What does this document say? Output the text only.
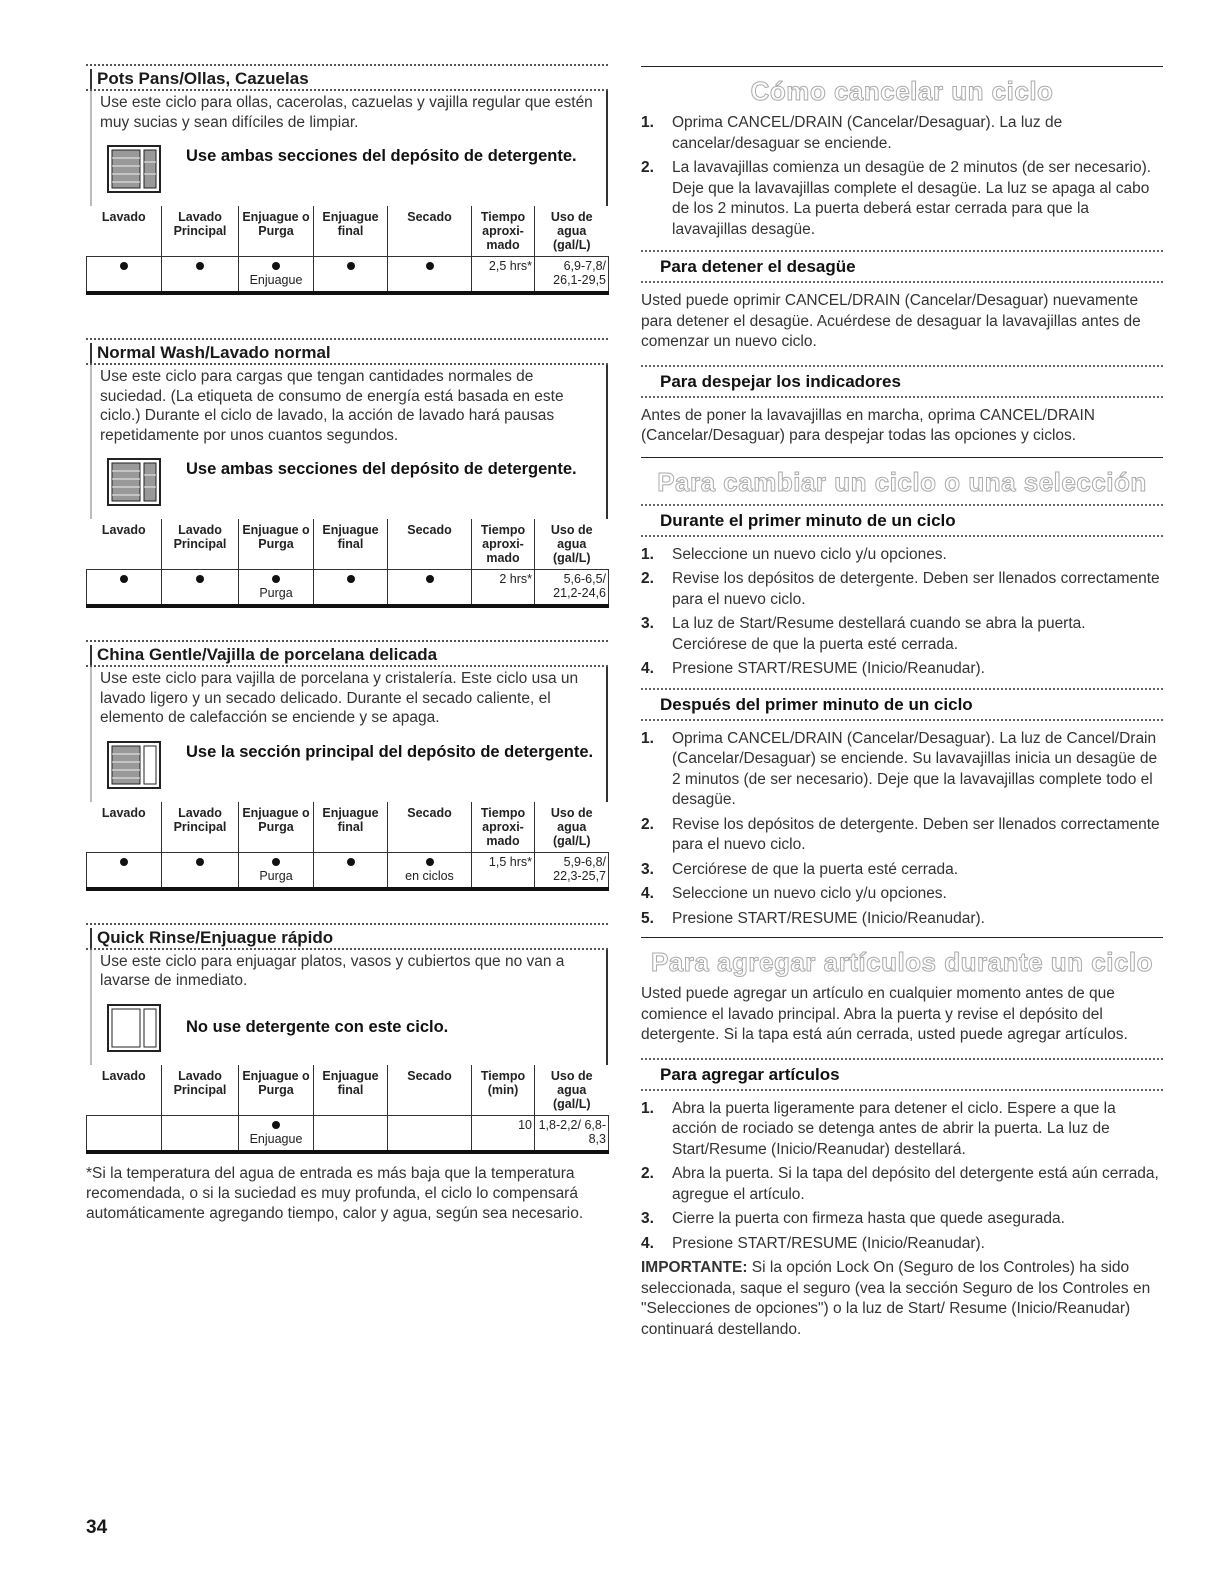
Pots Pans/Ollas, Cazuelas
Use este ciclo para ollas, cacerolas, cazuelas y vajilla regular que estén muy sucias y sean difíciles de limpiar.
Use ambas secciones del depósito de detergente.
Lavado	Lavado Principal	Enjuague o Purga	Enjuague final	Secado	Tiempo aproxi- mado	Uso de agua (gal/L)

		Enjuague			2,5 hrs*	6,9-7,8/ 26,1-29,5
Normal Wash/Lavado normal
Use este ciclo para cargas que tengan cantidades normales de suciedad. (La etiqueta de consumo de energía está basada en este ciclo.) Durante el ciclo de lavado, la acción de lavado hará pausas repetidamente por unos cuantos segundos.
Use ambas secciones del depósito de detergente.
Lavado	Lavado Principal	Enjuague o Purga	Enjuague final	Secado	Tiempo aproxi- mado	Uso de agua (gal/L)

		Purga			2 hrs*	5,6-6,5/ 21,2-24,6
China Gentle/Vajilla de porcelana delicada
Use este ciclo para vajilla de porcelana y cristalería. Este ciclo usa un lavado ligero y un secado delicado. Durante el secado caliente, el elemento de calefacción se enciende y se apaga.
Use la sección principal del depósito de detergente.
Lavado	Lavado Principal	Enjuague o Purga	Enjuague final	Secado	Tiempo aproxi- mado	Uso de agua (gal/L)

		Purga		en ciclos	1,5 hrs*	5,9-6,8/ 22,3-25,7
Quick Rinse/Enjuague rápido
Use este ciclo para enjuagar platos, vasos y cubiertos que no van a lavarse de inmediato.
No use detergente con este ciclo.
Lavado	Lavado Principal	Enjuague o Purga	Enjuague final	Secado	Tiempo (min)	Uso de agua (gal/L)

		Enjuague			10	1,8-2,2/ 6,8-8,3
*Si la temperatura del agua de entrada es más baja que la temperatura recomendada, o si la suciedad es muy profunda, el ciclo lo compensará automáticamente agregando tiempo, calor y agua, según sea necesario.
Cómo cancelar un ciclo
1. Oprima CANCEL/DRAIN (Cancelar/Desaguar). La luz de cancelar/desaguar se enciende.
2. La lavavajillas comienza un desagüe de 2 minutos (de ser necesario). Deje que la lavavajillas complete el desagüe. La luz se apaga al cabo de los 2 minutos. La puerta deberá estar cerrada para que la lavavajillas desagüe.
Para detener el desagüe
Usted puede oprimir CANCEL/DRAIN (Cancelar/Desaguar) nuevamente para detener el desagüe. Acuérdese de desaguar la lavavajillas antes de comenzar un nuevo ciclo.
Para despejar los indicadores
Antes de poner la lavavajillas en marcha, oprima CANCEL/DRAIN (Cancelar/Desaguar) para despejar todas las opciones y ciclos.
Para cambiar un ciclo o una selección
Durante el primer minuto de un ciclo
1. Seleccione un nuevo ciclo y/u opciones.
2. Revise los depósitos de detergente. Deben ser llenados correctamente para el nuevo ciclo.
3. La luz de Start/Resume destellará cuando se abra la puerta. Cerciórese de que la puerta esté cerrada.
4. Presione START/RESUME (Inicio/Reanudar).
Después del primer minuto de un ciclo
1. Oprima CANCEL/DRAIN (Cancelar/Desaguar). La luz de Cancel/Drain (Cancelar/Desaguar) se enciende. Su lavavajillas inicia un desagüe de 2 minutos (de ser necesario). Deje que la lavavajillas complete todo el desagüe.
2. Revise los depósitos de detergente. Deben ser llenados correctamente para el nuevo ciclo.
3. Cerciórese de que la puerta esté cerrada.
4. Seleccione un nuevo ciclo y/u opciones.
5. Presione START/RESUME (Inicio/Reanudar).
Para agregar artículos durante un ciclo
Usted puede agregar un artículo en cualquier momento antes de que comience el lavado principal. Abra la puerta y revise el depósito del detergente. Si la tapa está aún cerrada, usted puede agregar artículos.
Para agregar artículos
1. Abra la puerta ligeramente para detener el ciclo. Espere a que la acción de rociado se detenga antes de abrir la puerta. La luz de Start/Resume (Inicio/Reanudar) destellará.
2. Abra la puerta. Si la tapa del depósito del detergente está aún cerrada, agregue el artículo.
3. Cierre la puerta con firmeza hasta que quede asegurada.
4. Presione START/RESUME (Inicio/Reanudar).
IMPORTANTE: Si la opción Lock On (Seguro de los Controles) ha sido seleccionada, saque el seguro (vea la sección Seguro de los Controles en "Selecciones de opciones") o la luz de Start/ Resume (Inicio/Reanudar) continuará destellando.
34
